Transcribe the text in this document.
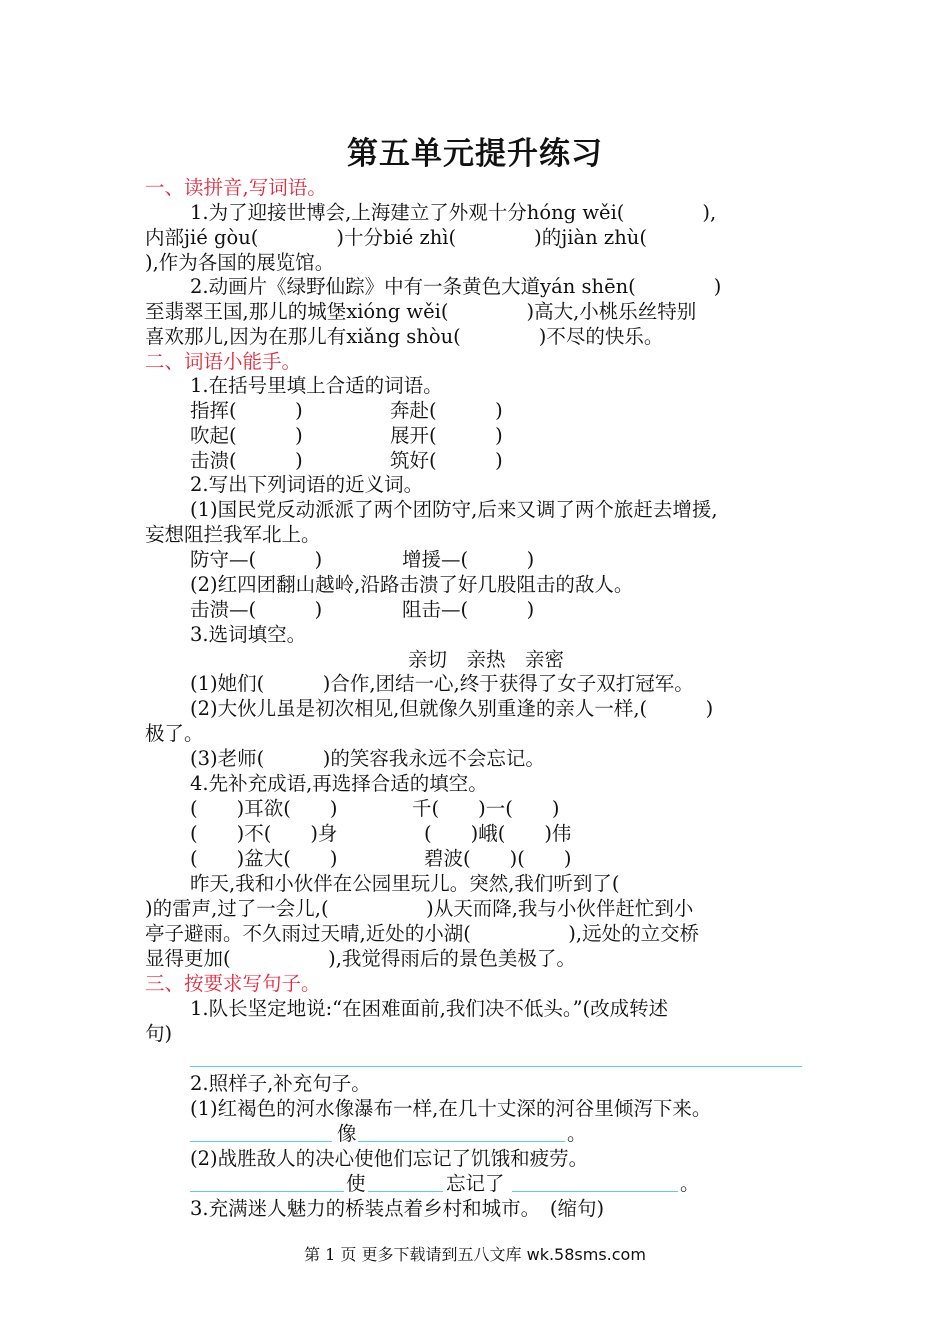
第五单元提升练习
一、读拼音,写词语。
1.为了迎接世博会,上海建立了外观十分hóng wěi(　　　　),
内部jié gòu(　　　　)十分bié zhì(　　　　)的jiàn zhù(
),作为各国的展览馆。
2.动画片《绿野仙踪》中有一条黄色大道yán shēn(　　　　)
至翡翠王国,那儿的城堡xióng wěi(　　　　)高大,小桃乐丝特别
喜欢那儿,因为在那儿有xiǎng shòu(　　　　)不尽的快乐。
二、词语小能手。
1.在括号里填上合适的词语。
指挥(　　　)	奔赴(　　　)
吹起(　　　)	展开(　　　)
击溃(　　　)	筑好(　　　)
2.写出下列词语的近义词。
(1)国民党反动派派了两个团防守,后来又调了两个旅赶去增援,
妄想阻拦我军北上。
防守—(　　　)	增援—(　　　)
(2)红四团翻山越岭,沿路击溃了好几股阻击的敌人。
击溃—(　　　)	阻击—(　　　)
3.选词填空。
亲切　亲热　亲密
(1)她们(　　　)合作,团结一心,终于获得了女子双打冠军。
(2)大伙儿虽是初次相见,但就像久别重逢的亲人一样,(　　　)
极了。
(3)老师(　　　)的笑容我永远不会忘记。
4.先补充成语,再选择合适的填空。
(　　)耳欲(　　)	千(　　)一(　　)
(　　)不(　　)身	(　　)峨(　　)伟
(　　)盆大(　　)	碧波(　　)(　　)
昨天,我和小伙伴在公园里玩儿。突然,我们听到了(
)的雷声,过了一会儿,(　　　　　)从天而降,我与小伙伴赶忙到小
亭子避雨。不久雨过天晴,近处的小湖(　　　　　),远处的立交桥
显得更加(　　　　　),我觉得雨后的景色美极了。
三、按要求写句子。
1.队长坚定地说:“在困难面前,我们决不低头。”(改成转述
句)
2.照样子,补充句子。
(1)红褐色的河水像瀑布一样,在几十丈深的河谷里倾泻下来。
像	。
(2)战胜敌人的决心使他们忘记了饥饿和疲劳。
使	忘记了	。
3.充满迷人魅力的桥装点着乡村和城市。　(缩句)
第 1 页 更多下载请到五八文库 wk.58sms.com
